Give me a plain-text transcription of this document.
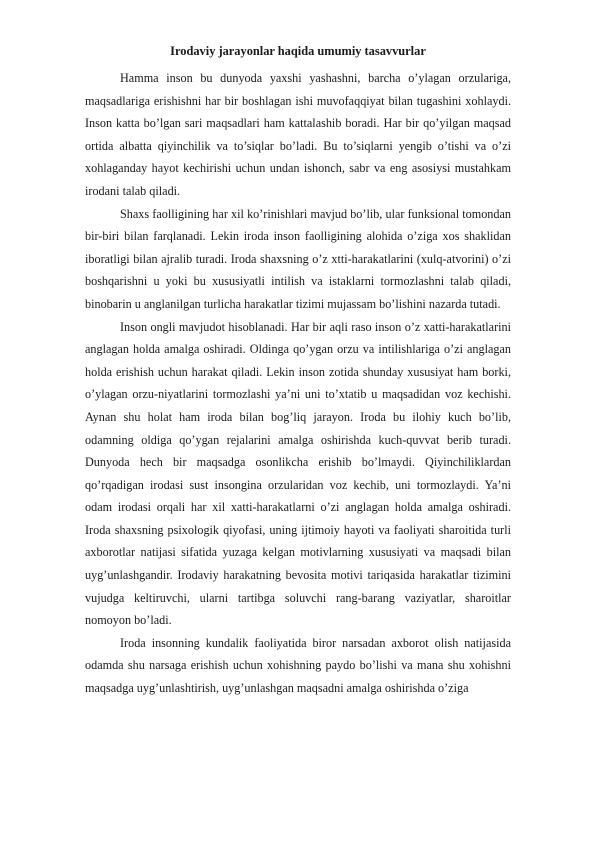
Irodaviy jarayonlar haqida umumiy tasavvurlar

Hamma inson bu dunyoda yaxshi yashashni, barcha o’ylagan orzulariga, maqsadlariga erishishni har bir boshlagan ishi muvofaqqiyat bilan tugashini xohlaydi. Inson katta bo’lgan sari maqsadlari ham kattalashib boradi. Har bir qo’yilgan maqsad ortida albatta qiyinchilik va to’siqlar bo’ladi. Bu to’siqlarni yengib o’tishi va o’zi xohlaganday hayot kechirishi uchun undan ishonch, sabr va eng asosiysi mustahkam irodani talab qiladi.

Shaxs faolligining har xil ko’rinishlari mavjud bo’lib, ular funksional tomondan bir-biri bilan farqlanadi. Lekin iroda inson faolligining alohida o’ziga xos shaklidan iboratligi bilan ajralib turadi. Iroda shaxsning o’z xtti-harakatlarini (xulq-atvorini) o’zi boshqarishni u yoki bu xususiyatli intilish va istaklarni tormozlashni talab qiladi, binobarin u anglanilgan turlicha harakatlar tizimi mujassam bo’lishini nazarda tutadi.

Inson ongli mavjudot hisoblanadi. Har bir aqli raso inson o’z xatti-harakatlarini anglagan holda amalga oshiradi. Oldinga qo’ygan orzu va intilishlariga o’zi anglagan holda erishish uchun harakat qiladi. Lekin inson zotida shunday xususiyat ham borki, o’ylagan orzu-niyatlarini tormozlashi ya’ni uni to’xtatib u maqsadidan voz kechishi. Aynan shu holat ham iroda bilan bog’liq jarayon. Iroda bu ilohiy kuch bo’lib, odamning oldiga qo’ygan rejalarini amalga oshirishda kuch-quvvat berib turadi. Dunyoda hech bir maqsadga osonlikcha erishib bo’lmaydi. Qiyinchiliklardan qo’rqadigan irodasi sust insongina orzularidan voz kechib, uni tormozlaydi. Ya’ni odam irodasi orqali har xil xatti-harakatlarni o’zi anglagan holda amalga oshiradi. Iroda shaxsning psixologik qiyofasi, uning ijtimoiy hayoti va faoliyati sharoitida turli axborotlar natijasi sifatida yuzaga kelgan motivlarning xususiyati va maqsadi bilan uyg’unlashgandir. Irodaviy harakatning bevosita motivi tariqasida harakatlar tizimini vujudga keltiruvchi, ularni tartibga soluvchi rang-barang vaziyatlar, sharoitlar nomoyon bo’ladi.

Iroda insonning kundalik faoliyatida biror narsadan axborot olish natijasida odamda shu narsaga erishish uchun xohishning paydo bo’lishi va mana shu xohishni maqsadga uyg’unlashtirish, uyg’unlashgan maqsadni amalga oshirishda o’ziga
